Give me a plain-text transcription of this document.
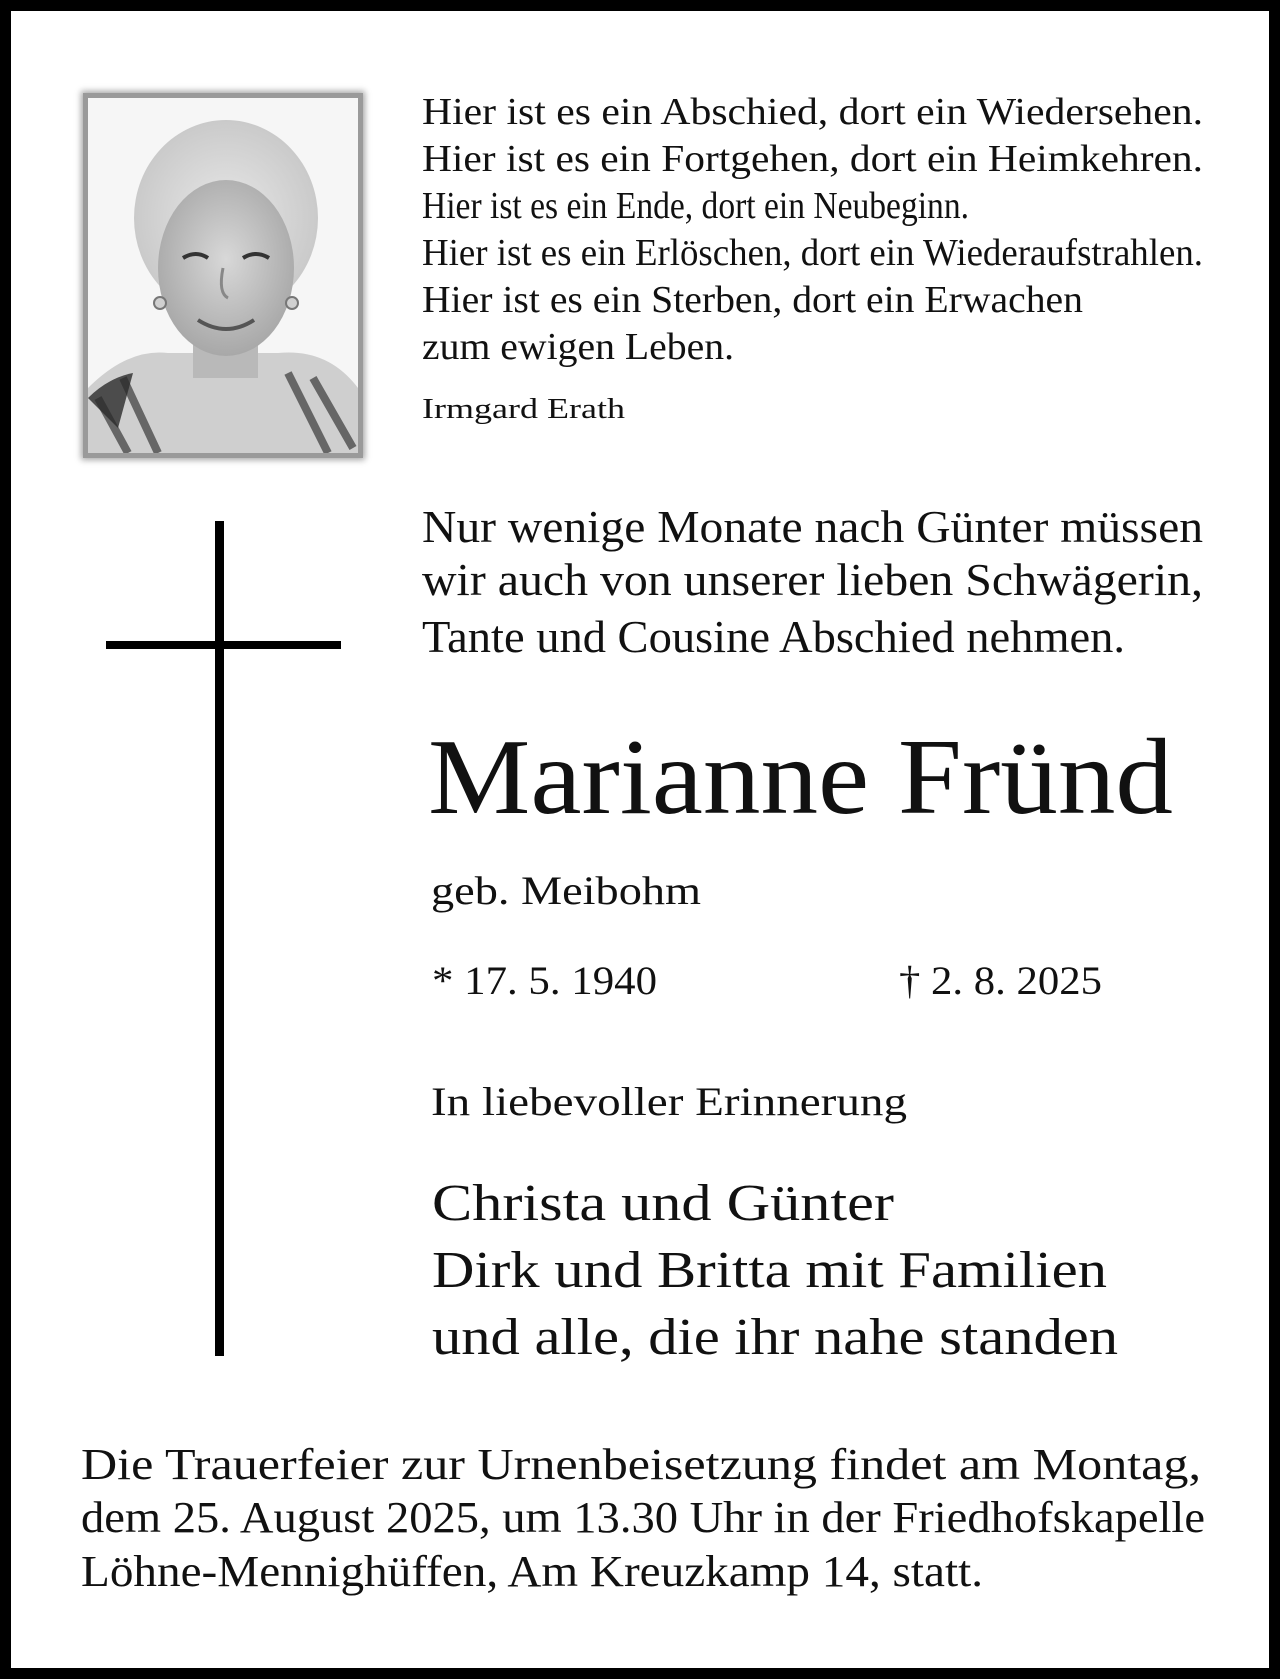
Hier ist es ein Abschied, dort ein Wiedersehen.
Hier ist es ein Fortgehen, dort ein Heimkehren.
Hier ist es ein Ende, dort ein Neubeginn.
Hier ist es ein Erlöschen, dort ein Wiederaufstrahlen.
Hier ist es ein Sterben, dort ein Erwachen
zum ewigen Leben.
Irmgard Erath
Nur wenige Monate nach Günter müssen
wir auch von unserer lieben Schwägerin,
Tante und Cousine Abschied nehmen.
Marianne Fründ
geb. Meibohm
* 17. 5. 1940	† 2. 8. 2025
In liebevoller Erinnerung
Christa und Günter
Dirk und Britta mit Familien
und alle, die ihr nahe standen
Die Trauerfeier zur Urnenbeisetzung findet am Montag,
dem 25. August 2025, um 13.30 Uhr in der Friedhofskapelle
Löhne-Mennighüffen, Am Kreuzkamp 14, statt.
